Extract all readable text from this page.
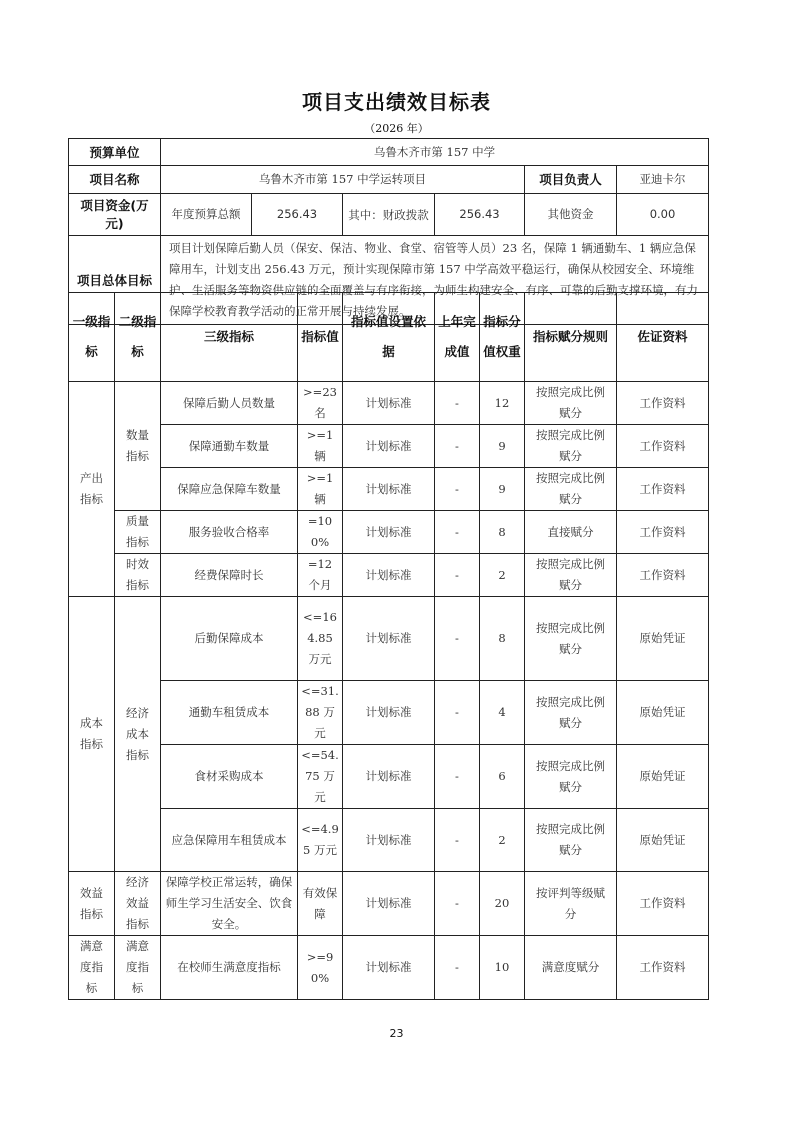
项目支出绩效目标表
（2026 年）
预算单位	乌鲁木齐市第 157 中学					
项目名称	乌鲁木齐市第 157 中学运转项目				项目负责人	亚迪卡尔
项目资金(万元)	年度预算总额	256.43	其中：财政拨款	256.43	其他资金	0.00
项目总体目标	项目计划保障后勤人员（保安、保洁、物业、食堂、宿管等人员）23 名，保障 1 辆通勤车、1 辆应急保障用车，计划支出 256.43 万元，预计实现保障市第 157 中学高效平稳运行，确保从校园安全、环境维护、生活服务等物资供应链的全面覆盖与有序衔接，为师生构建安全、有序、可靠的后勤支撑环境，有力保障学校教育教学活动的正常开展与持续发展。					
一级指标	二级指标	三级指标	指标值	指标值设置依据	上年完成值	指标分值权重	指标赋分规则	佐证资料
产出指标	数量指标	保障后勤人员数量	>=23名	计划标准	-	12	按照完成比例赋分	工作资料
		保障通勤车数量	>=1辆	计划标准	-	9	按照完成比例赋分	工作资料
		保障应急保障车数量	>=1辆	计划标准	-	9	按照完成比例赋分	工作资料
	质量指标	服务验收合格率	=100%	计划标准	-	8	直接赋分	工作资料
	时效指标	经费保障时长	=12 个月	计划标准	-	2	按照完成比例赋分	工作资料
成本指标	经济成本指标	后勤保障成本	<=164.85 万元	计划标准	-	8	按照完成比例赋分	原始凭证
		通勤车租赁成本	<=31.88 万元	计划标准	-	4	按照完成比例赋分	原始凭证
		食材采购成本	<=54.75 万元	计划标准	-	6	按照完成比例赋分	原始凭证
		应急保障用车租赁成本	<=4.95 万元	计划标准	-	2	按照完成比例赋分	原始凭证
效益指标	经济效益指标	保障学校正常运转，确保师生学习生活安全、饮食安全。	有效保障	计划标准	-	20	按评判等级赋分	工作资料
满意度指标	满意度指标	在校师生满意度指标	>=90%	计划标准	-	10	满意度赋分	工作资料
23
